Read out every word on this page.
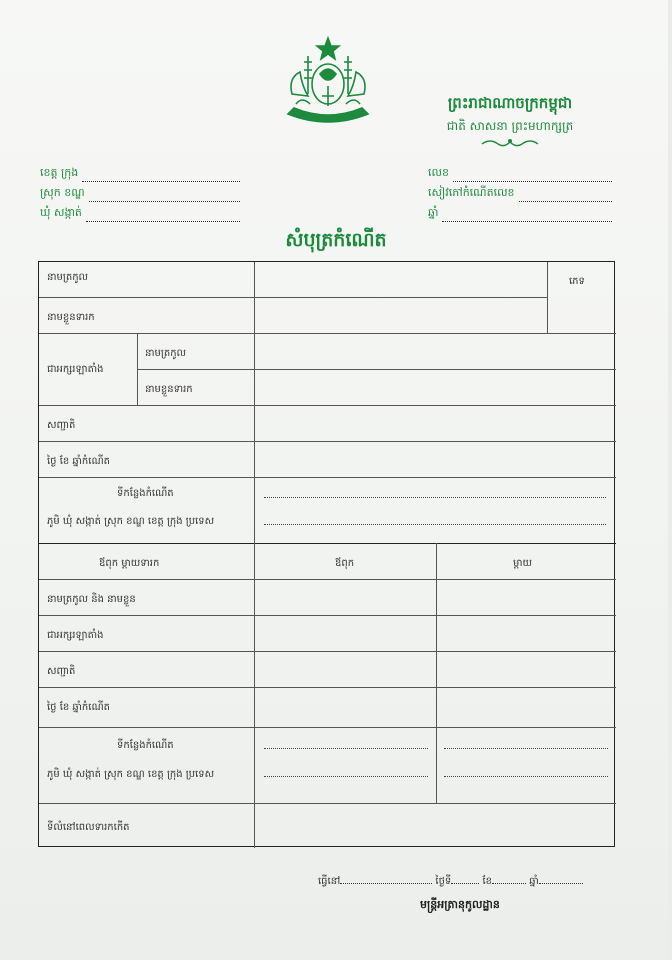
ព្រះរាជាណាចក្រកម្ពុជា
ជាតិ សាសនា ព្រះមហាក្សត្រ
ខេត្ត ក្រុង
ស្រុក ខណ្ឌ
ឃុំ សង្កាត់
លេខ
សៀវភៅកំណើតលេខ
ឆ្នាំ
សំបុត្រកំណើត
នាមត្រកូល
នាមខ្លួនទារក
ភេទ
ជាអក្សរឡាតាំង
នាមត្រកូល
នាមខ្លួនទារក
សញ្ជាតិ
ថ្ងៃ ខែ ឆ្នាំកំណើត
ទីកន្លែងកំណើត
ភូមិ ឃុំ សង្កាត់ ស្រុក ខណ្ឌ ខេត្ត ក្រុង ប្រទេស
ឪពុក ម្តាយទារក	ឪពុក	ម្តាយ
នាមត្រកូល និង នាមខ្លួន
ជាអក្សរឡាតាំង
សញ្ជាតិ
ថ្ងៃ ខែ ឆ្នាំកំណើត
ទីកន្លែងកំណើត
ភូមិ ឃុំ សង្កាត់ ស្រុក ខណ្ឌ ខេត្ត ក្រុង ប្រទេស
ទីលំនៅពេលទារកកើត
ធ្វើនៅ	ថ្ងៃទី	ខែ	ឆ្នាំ
មន្ត្រីអត្រានុកូលដ្ឋាន
